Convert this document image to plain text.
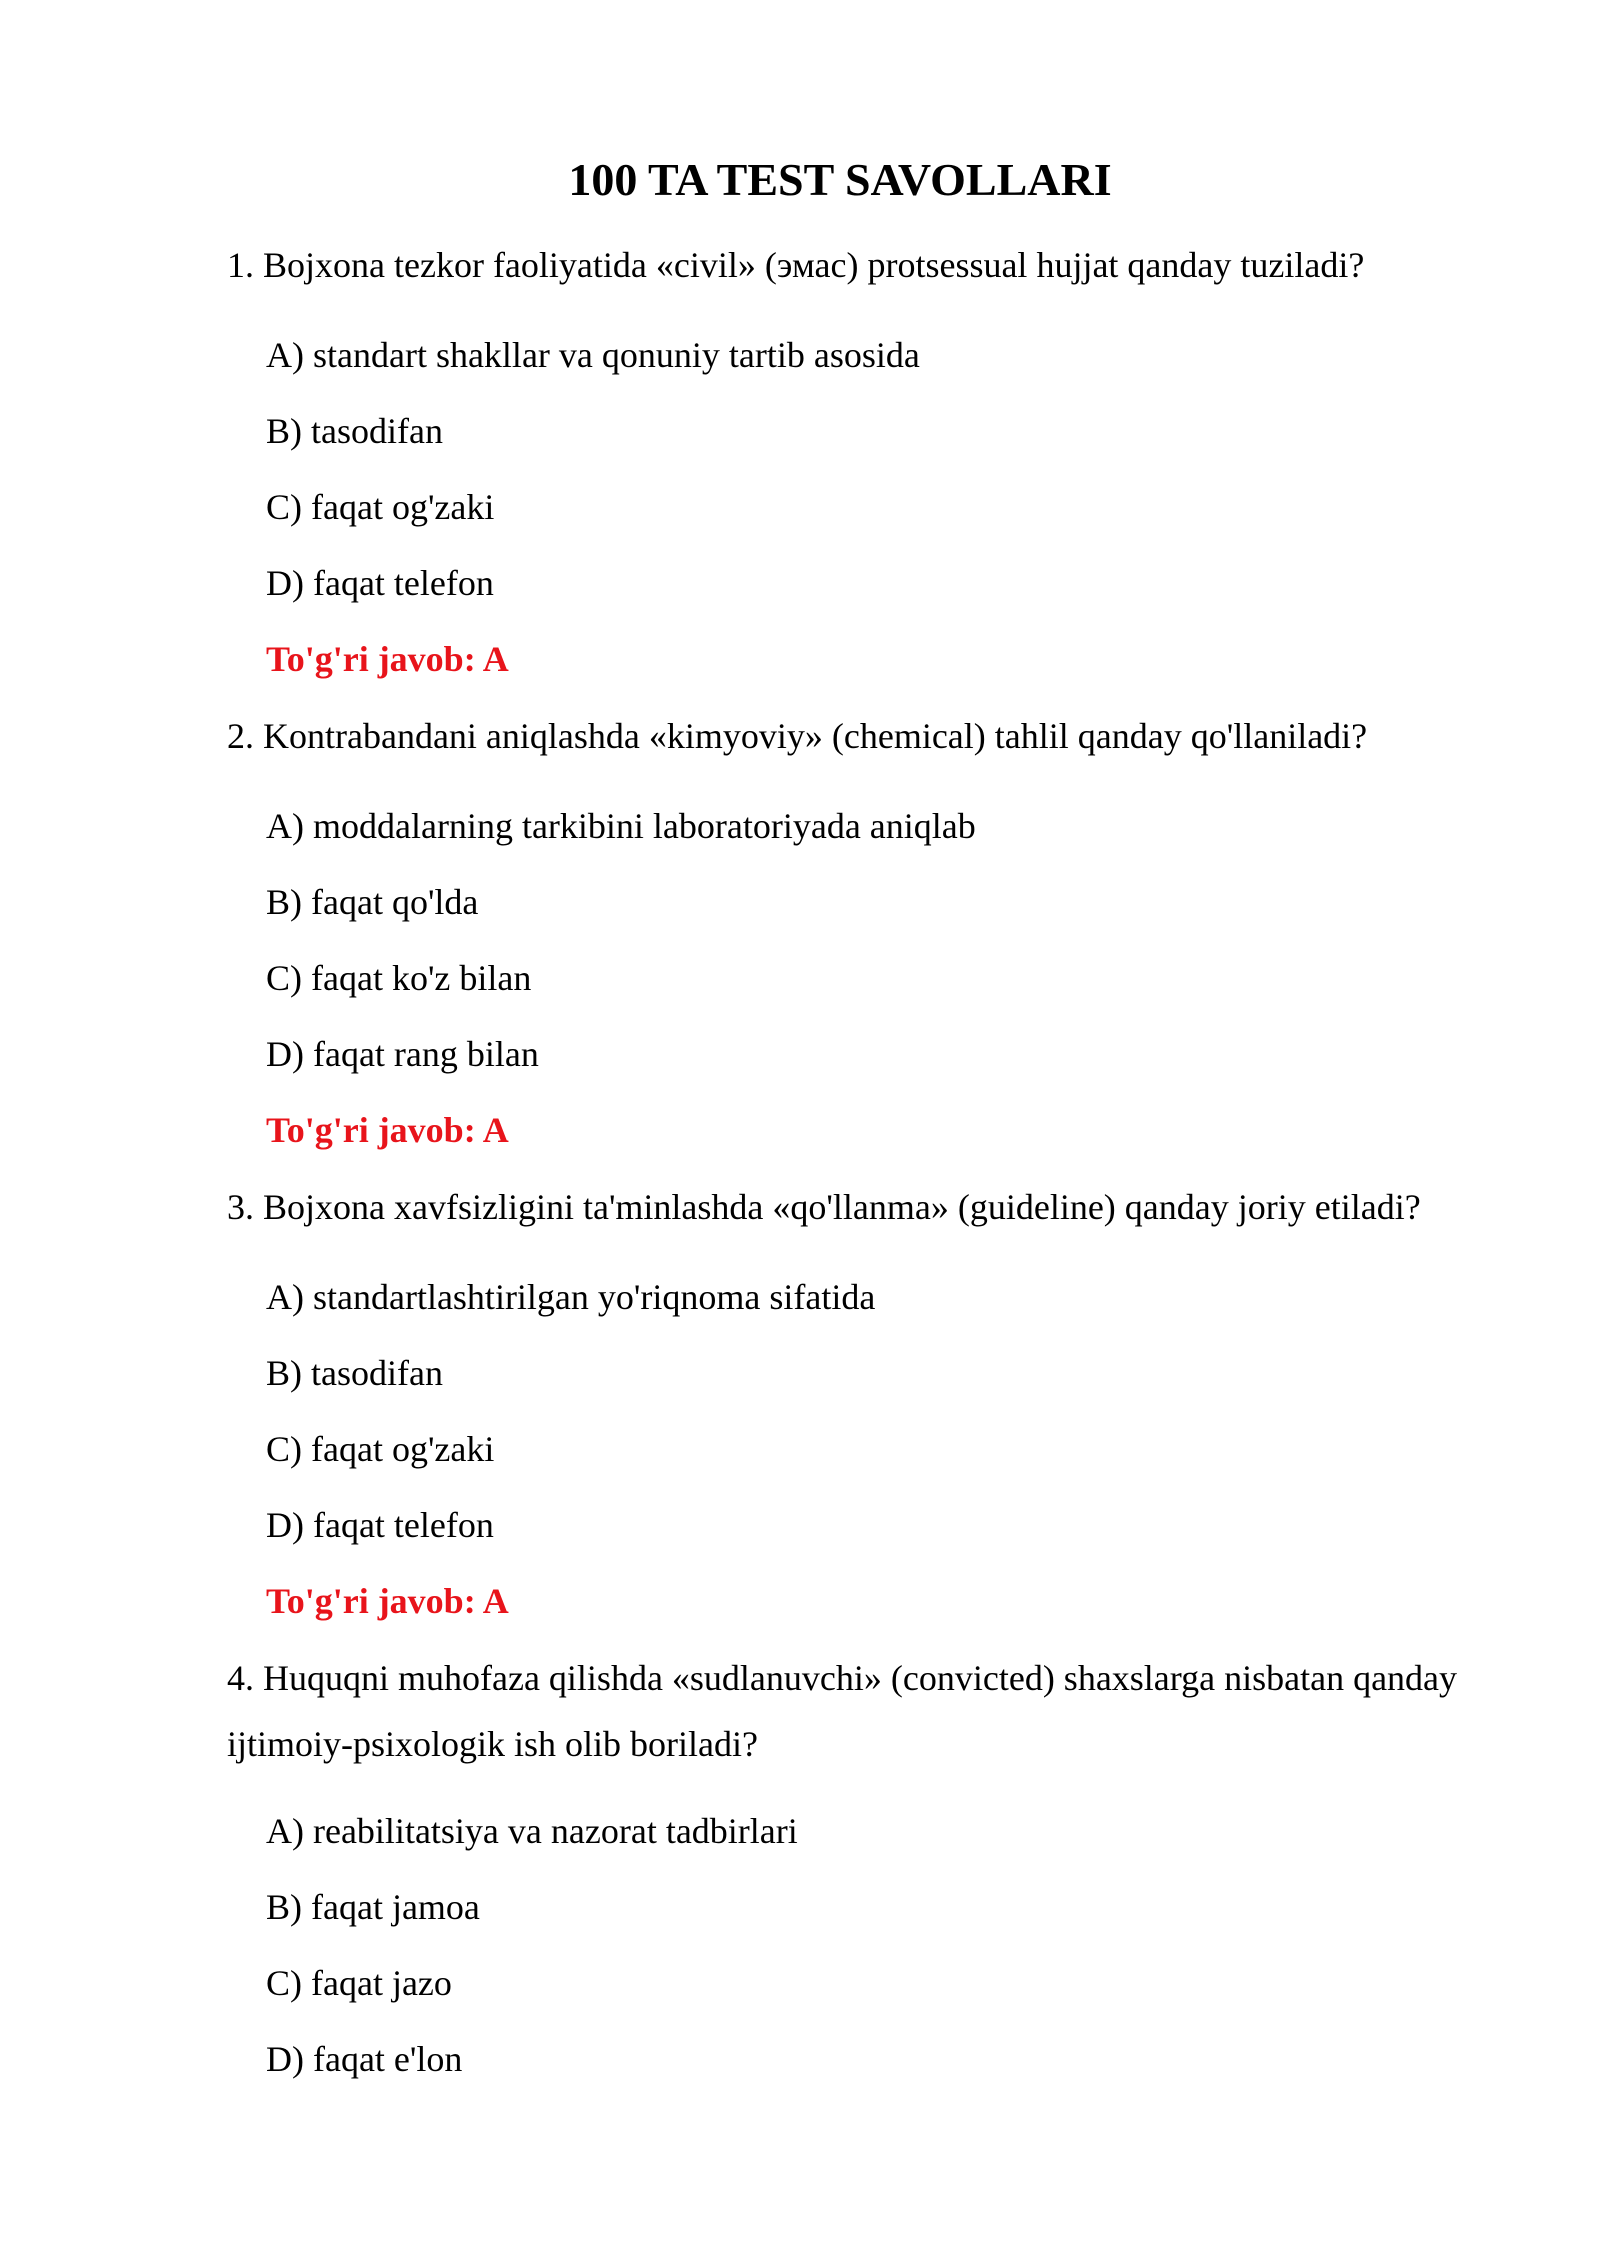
100 TA TEST SAVOLLARI

1. Bojxona tezkor faoliyatida «civil» (эмас) protsessual hujjat qanday tuziladi?

A) standart shakllar va qonuniy tartib asosida

B) tasodifan

C) faqat og'zaki

D) faqat telefon

To'g'ri javob: A

2. Kontrabandani aniqlashda «kimyoviy» (chemical) tahlil qanday qo'llaniladi?

A) moddalarning tarkibini laboratoriyada aniqlab

B) faqat qo'lda

C) faqat ko'z bilan

D) faqat rang bilan

To'g'ri javob: A

3. Bojxona xavfsizligini ta'minlashda «qo'llanma» (guideline) qanday joriy etiladi?

A) standartlashtirilgan yo'riqnoma sifatida

B) tasodifan

C) faqat og'zaki

D) faqat telefon

To'g'ri javob: A

4. Huquqni muhofaza qilishda «sudlanuvchi» (convicted) shaxslarga nisbatan qanday ijtimoiy-psixologik ish olib boriladi?

A) reabilitatsiya va nazorat tadbirlari

B) faqat jamoa

C) faqat jazo

D) faqat e'lon
